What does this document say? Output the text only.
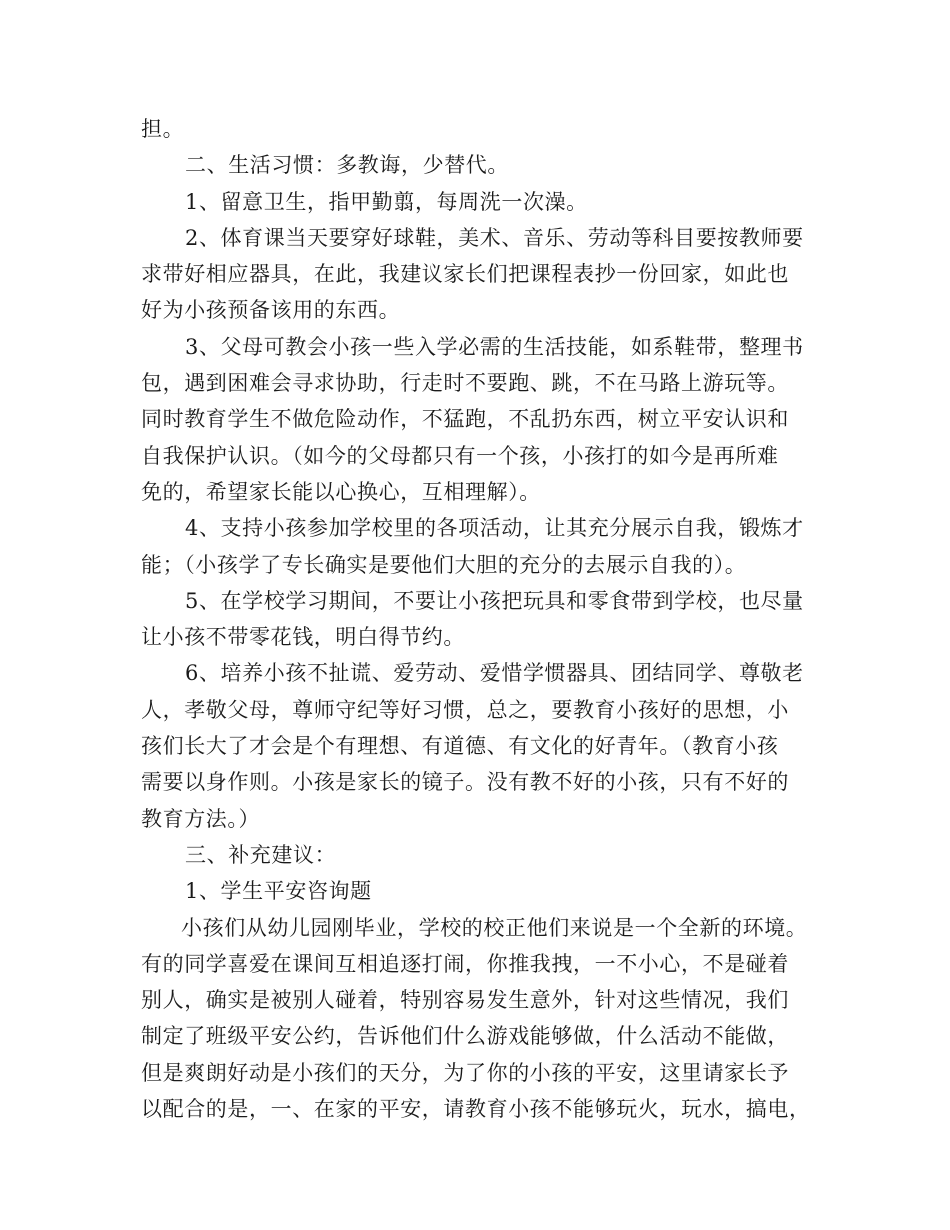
担。
二、生活习惯：多教诲，少替代。
1、留意卫生，指甲勤翦，每周洗一次澡。
2、体育课当天要穿好球鞋，美术、音乐、劳动等科目要按教师要
求带好相应器具，在此，我建议家长们把课程表抄一份回家，如此也
好为小孩预备该用的东西。
3、父母可教会小孩一些入学必需的生活技能，如系鞋带，整理书
包，遇到困难会寻求协助，行走时不要跑、跳，不在马路上游玩等。
同时教育学生不做危险动作，不猛跑，不乱扔东西，树立平安认识和
自我保护认识。（如今的父母都只有一个孩，小孩打的如今是再所难
免的，希望家长能以心换心，互相理解）。
4、支持小孩参加学校里的各项活动，让其充分展示自我，锻炼才
能；（小孩学了专长确实是要他们大胆的充分的去展示自我的）。
5、在学校学习期间，不要让小孩把玩具和零食带到学校，也尽量
让小孩不带零花钱，明白得节约。
6、培养小孩不扯谎、爱劳动、爱惜学惯器具、团结同学、尊敬老
人，孝敬父母，尊师守纪等好习惯，总之，要教育小孩好的思想，小
孩们长大了才会是个有理想、有道德、有文化的好青年。（教育小孩
需要以身作则。小孩是家长的镜子。没有教不好的小孩，只有不好的
教育方法。）
三、补充建议：
1、学生平安咨询题
小孩们从幼儿园刚毕业，学校的校正他们来说是一个全新的环境。
有的同学喜爱在课间互相追逐打闹，你推我拽，一不小心，不是碰着
别人，确实是被别人碰着，特别容易发生意外，针对这些情况，我们
制定了班级平安公约，告诉他们什么游戏能够做，什么活动不能做，
但是爽朗好动是小孩们的天分，为了你的小孩的平安，这里请家长予
以配合的是，一、在家的平安，请教育小孩不能够玩火，玩水，搞电，
